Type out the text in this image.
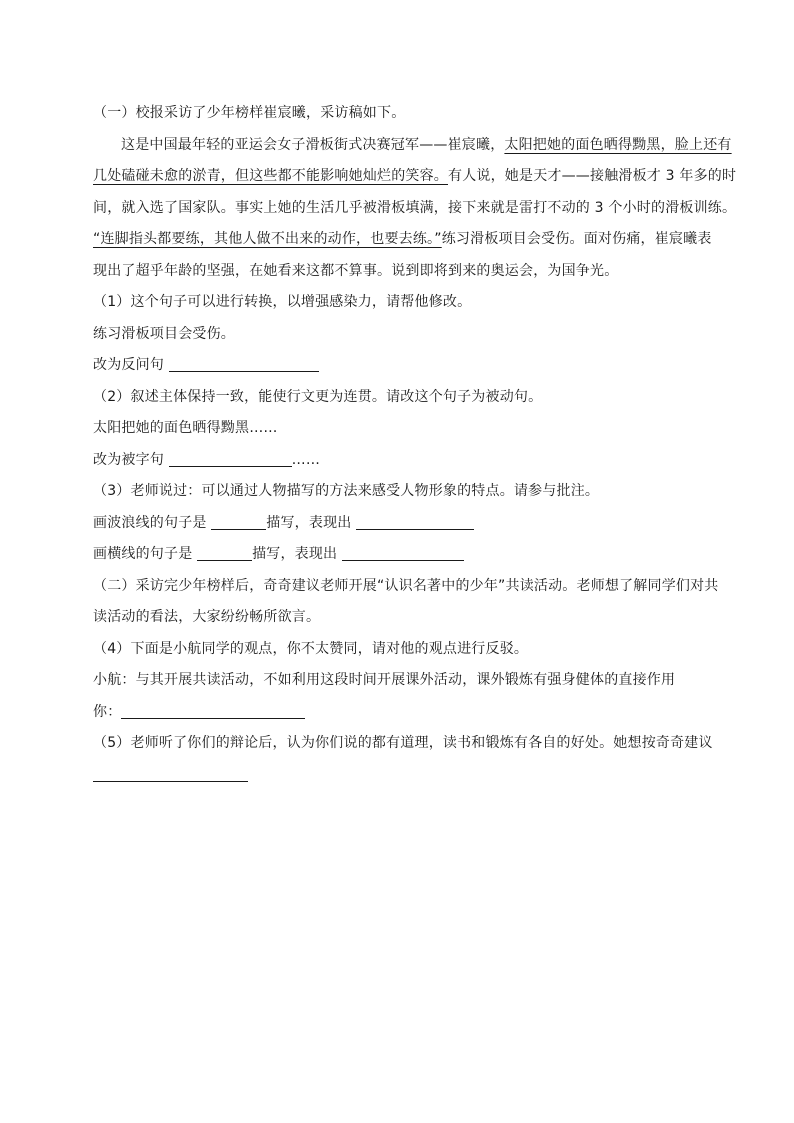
（一）校报采访了少年榜样崔宸曦，采访稿如下。
这是中国最年轻的亚运会女子滑板街式决赛冠军——崔宸曦，太阳把她的面色晒得黝黑，脸上还有
几处磕碰未愈的淤青，但这些都不能影响她灿烂的笑容。有人说，她是天才——接触滑板才 3 年多的时
间，就入选了国家队。事实上她的生活几乎被滑板填满，接下来就是雷打不动的 3 个小时的滑板训练。
“连脚指头都要练，其他人做不出来的动作，也要去练。”练习滑板项目会受伤。面对伤痛，崔宸曦表
现出了超乎年龄的坚强，在她看来这都不算事。说到即将到来的奥运会，为国争光。
（1）这个句子可以进行转换，以增强感染力，请帮他修改。
练习滑板项目会受伤。
改为反问句
（2）叙述主体保持一致，能使行文更为连贯。请改这个句子为被动句。
太阳把她的面色晒得黝黑……
改为被字句	……
（3）老师说过：可以通过人物描写的方法来感受人物形象的特点。请参与批注。
画波浪线的句子是	描写，表现出
画横线的句子是	描写，表现出
（二）采访完少年榜样后，奇奇建议老师开展“认识名著中的少年”共读活动。老师想了解同学们对共
读活动的看法，大家纷纷畅所欲言。
（4）下面是小航同学的观点，你不太赞同，请对他的观点进行反驳。
小航：与其开展共读活动，不如利用这段时间开展课外活动，课外锻炼有强身健体的直接作用
你：
（5）老师听了你们的辩论后，认为你们说的都有道理，读书和锻炼有各自的好处。她想按奇奇建议
